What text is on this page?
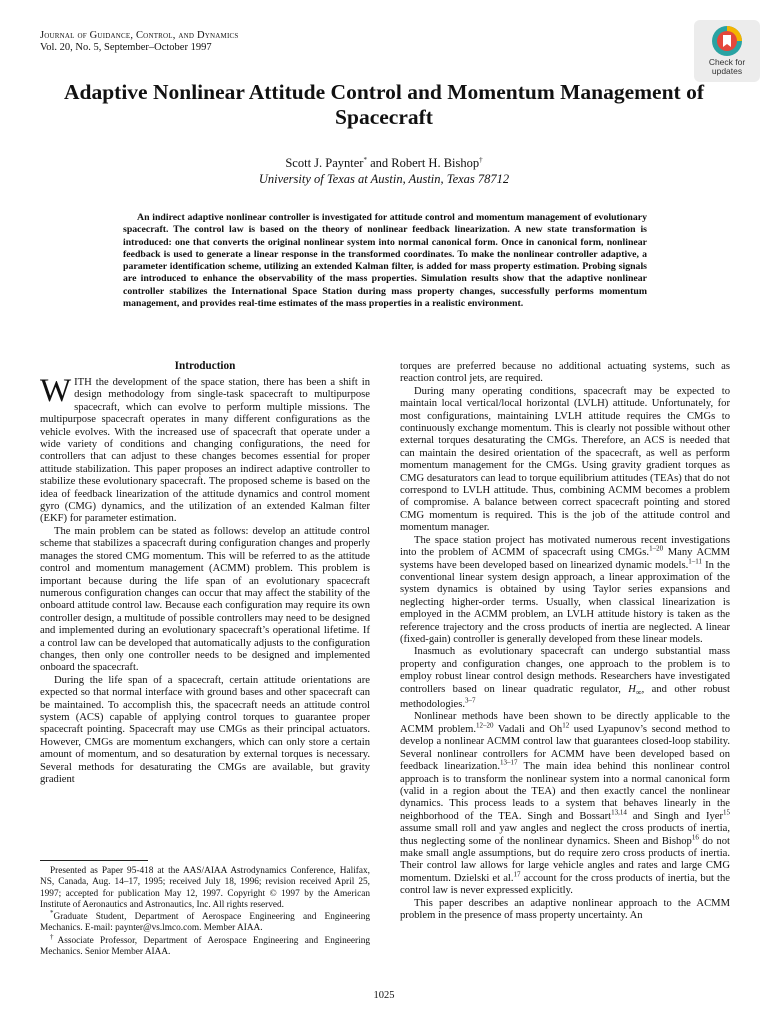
Journal of Guidance, Control, and Dynamics
Vol. 20, No. 5, September–October 1997
Check for
updates
Adaptive Nonlinear Attitude Control and Momentum Management of Spacecraft
Scott J. Paynter* and Robert H. Bishop†
University of Texas at Austin, Austin, Texas 78712
An indirect adaptive nonlinear controller is investigated for attitude control and momentum management of evolutionary spacecraft. The control law is based on the theory of nonlinear feedback linearization. A new state transformation is introduced: one that converts the original nonlinear system into normal canonical form. Once in canonical form, nonlinear feedback is used to generate a linear response in the transformed coordinates. To make the nonlinear controller adaptive, a parameter identification scheme, utilizing an extended Kalman filter, is added for mass property estimation. Probing signals are introduced to enhance the observability of the mass properties. Simulation results show that the adaptive nonlinear controller stabilizes the International Space Station during mass property changes, successfully performs momentum management, and provides real-time estimates of the mass properties in a realistic environment.
Introduction

WITH the development of the space station, there has been a shift in design methodology from single-task spacecraft to multipurpose spacecraft, which can evolve to perform multiple missions. The multipurpose spacecraft operates in many different configurations as the vehicle evolves. With the increased use of spacecraft that operate under a wide variety of conditions and changing configurations, the need for controllers that can adjust to these changes becomes essential for proper attitude stabilization. This paper proposes an indirect adaptive controller to stabilize these evolutionary spacecraft. The proposed scheme is based on the idea of feedback linearization of the attitude dynamics and control moment gyro (CMG) dynamics, and the utilization of an extended Kalman filter (EKF) for parameter estimation.

The main problem can be stated as follows: develop an attitude control scheme that stabilizes a spacecraft during configuration changes and properly manages the stored CMG momentum. This will be referred to as the attitude control and momentum management (ACMM) problem. This problem is important because during the life span of an evolutionary spacecraft numerous configuration changes can occur that may affect the stability of the onboard attitude control law. Because each configuration may require its own controller design, a multitude of possible controllers may need to be designed and implemented during an evolutionary spacecraft’s operational lifetime. If a control law can be developed that automatically adjusts to the configuration changes, then only one controller needs to be designed and implemented onboard the spacecraft.

During the life span of a spacecraft, certain attitude orientations are expected so that normal interface with ground bases and other spacecraft can be maintained. To accomplish this, the spacecraft needs an attitude control system (ACS) capable of applying control torques to guarantee proper spacecraft pointing. Spacecraft may use CMGs as their principal actuators. However, CMGs are momentum exchangers, which can only store a certain amount of momentum, and so desaturation by external torques is necessary. Several methods for desaturating the CMGs are available, but gravity gradient

Presented as Paper 95-418 at the AAS/AIAA Astrodynamics Conference, Halifax, NS, Canada, Aug. 14–17, 1995; received July 18, 1996; revision received April 25, 1997; accepted for publication May 12, 1997. Copyright © 1997 by the American Institute of Aeronautics and Astronautics, Inc. All rights reserved.

*Graduate Student, Department of Aerospace Engineering and Engineering Mechanics. E-mail: paynter@vs.lmco.com. Member AIAA.

†Associate Professor, Department of Aerospace Engineering and Engineering Mechanics. Senior Member AIAA.

torques are preferred because no additional actuating systems, such as reaction control jets, are required.

During many operating conditions, spacecraft may be expected to maintain local vertical/local horizontal (LVLH) attitude. Unfortunately, for most configurations, maintaining LVLH attitude requires the CMGs to continuously exchange momentum. This is clearly not possible without other external torques desaturating the CMGs. Therefore, an ACS is needed that can maintain the desired orientation of the spacecraft, as well as perform momentum management for the CMGs. Using gravity gradient torques as CMG desaturators can lead to torque equilibrium attitudes (TEAs) that do not correspond to LVLH attitude. Thus, combining ACMM becomes a problem of compromise. A balance between correct spacecraft pointing and stored CMG momentum is required. This is the job of the attitude control and momentum manager.

The space station project has motivated numerous recent investigations into the problem of ACMM of spacecraft using CMGs.$^{1-20}$ Many ACMM systems have been developed based on linearized dynamic models.$^{1-11}$ In the conventional linear system design approach, a linear approximation of the system dynamics is obtained by using Taylor series expansions and neglecting higher-order terms. Usually, when classical linearization is employed in the ACMM problem, an LVLH attitude history is taken as the reference trajectory and the cross products of inertia are neglected. A linear (fixed-gain) controller is generally developed from these linear models.

Inasmuch as evolutionary spacecraft can undergo substantial mass property and configuration changes, one approach to the problem is to employ robust linear control design methods. Researchers have investigated controllers based on linear quadratic regulator, $H_\infty$, and other robust methodologies.$^{3-7}$

Nonlinear methods have been shown to be directly applicable to the ACMM problem.$^{12-20}$ Vadali and Oh$^{12}$ used Lyapunov’s second method to develop a nonlinear ACMM control law that guarantees closed-loop stability. Several nonlinear controllers for ACMM have been developed based on feedback linearization.$^{13-17}$ The main idea behind this nonlinear control approach is to transform the nonlinear system into a normal canonical form (valid in a region about the TEA) and then exactly cancel the nonlinear dynamics. This process leads to a system that behaves linearly in the neighborhood of the TEA. Singh and Bossart$^{13,14}$ and Singh and Iyer$^{15}$ assume small roll and yaw angles and neglect the cross products of inertia, thus neglecting some of the nonlinear dynamics. Sheen and Bishop$^{16}$ do not make small angle assumptions, but do require zero cross products of inertia. Their control law allows for large vehicle angles and rates and large CMG momentum. Dzielski et al.$^{17}$ account for the cross products of inertia, but the control law is never expressed explicitly.

This paper describes an adaptive nonlinear approach to the ACMM problem in the presence of mass property uncertainty. An

1025
